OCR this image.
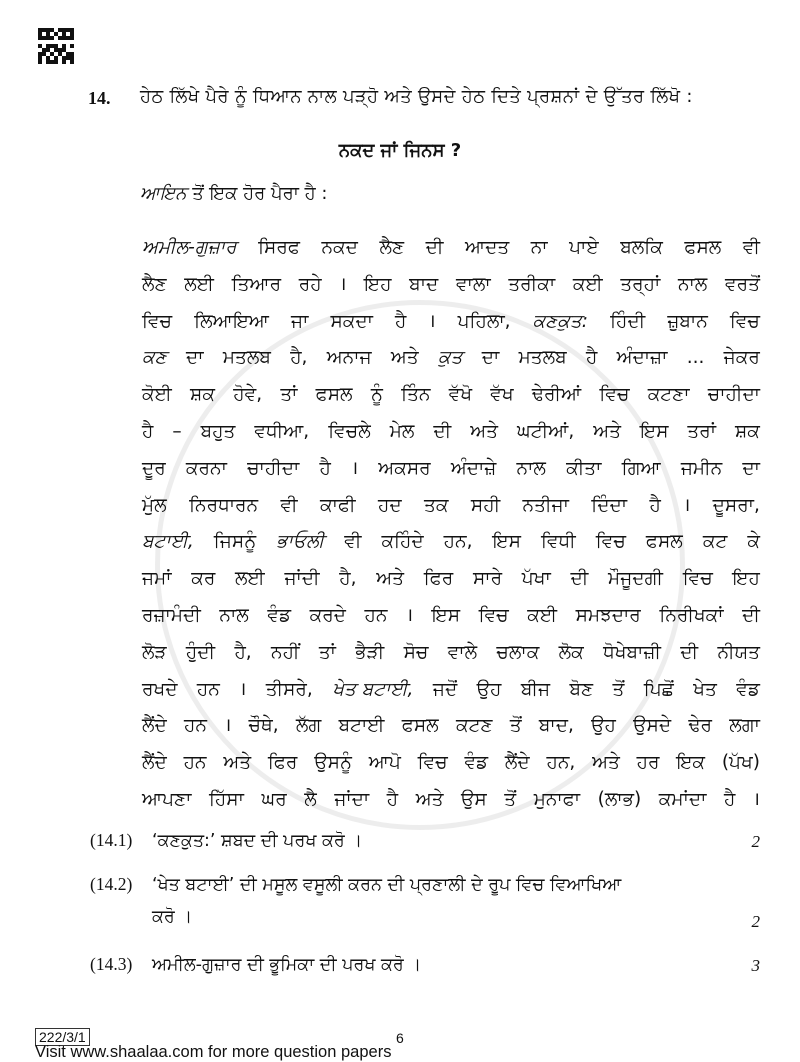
14. ਹੇਠ ਲਿੱਖੇ ਪੈਰੇ ਨੂੰ ਧਿਆਨ ਨਾਲ ਪੜ੍ਹੋ ਅਤੇ ਉਸਦੇ ਹੇਠ ਦਿਤੇ ਪ੍ਰਸ਼ਨਾਂ ਦੇ ਉੱਤਰ ਲਿੱਖੋ :
ਨਕਦ ਜਾਂ ਜਿਨਸ ?
ਆਇਨ ਤੋਂ ਇਕ ਹੋਰ ਪੈਰਾ ਹੈ :
ਅਮੀਲ-ਗੁਜ਼ਾਰ ਸਿਰਫ ਨਕਦ ਲੈਣ ਦੀ ਆਦਤ ਨਾ ਪਾਏ ਬਲਕਿ ਫਸਲ ਵੀ
ਲੈਣ ਲਈ ਤਿਆਰ ਰਹੇ । ਇਹ ਬਾਦ ਵਾਲਾ ਤਰੀਕਾ ਕਈ ਤਰ੍ਹਾਂ ਨਾਲ ਵਰਤੋਂ
ਵਿਚ ਲਿਆਇਆ ਜਾ ਸਕਦਾ ਹੈ । ਪਹਿਲਾ, ਕਣਕੁਤ: ਹਿੰਦੀ ਜ਼ੁਬਾਨ ਵਿਚ
ਕਣ ਦਾ ਮਤਲਬ ਹੈ, ਅਨਾਜ ਅਤੇ ਕੁਤ ਦਾ ਮਤਲਬ ਹੈ ਅੰਦਾਜ਼ਾ ... ਜੇਕਰ
ਕੋਈ ਸ਼ਕ ਹੋਵੇ, ਤਾਂ ਫਸਲ ਨੂੰ ਤਿੰਨ ਵੱਖੋ ਵੱਖ ਢੇਰੀਆਂ ਵਿਚ ਕਟਣਾ ਚਾਹੀਦਾ
ਹੈ – ਬਹੁਤ ਵਧੀਆ, ਵਿਚਲੇ ਮੇਲ ਦੀ ਅਤੇ ਘਟੀਆਂ, ਅਤੇ ਇਸ ਤਰਾਂ ਸ਼ਕ
ਦੂਰ ਕਰਨਾ ਚਾਹੀਦਾ ਹੈ । ਅਕਸਰ ਅੰਦਾਜ਼ੇ ਨਾਲ ਕੀਤਾ ਗਿਆ ਜਮੀਨ ਦਾ
ਮੁੱਲ ਨਿਰਧਾਰਨ ਵੀ ਕਾਫੀ ਹਦ ਤਕ ਸਹੀ ਨਤੀਜਾ ਦਿੰਦਾ ਹੈ । ਦੂਸਰਾ,
ਬਟਾਈ, ਜਿਸਨੂੰ ਭਾਓਲੀ ਵੀ ਕਹਿੰਦੇ ਹਨ, ਇਸ ਵਿਧੀ ਵਿਚ ਫਸਲ ਕਟ ਕੇ
ਜਮਾਂ ਕਰ ਲਈ ਜਾਂਦੀ ਹੈ, ਅਤੇ ਫਿਰ ਸਾਰੇ ਪੱਖਾ ਦੀ ਮੌਜੂਦਗੀ ਵਿਚ ਇਹ
ਰਜ਼ਾਮੰਦੀ ਨਾਲ ਵੰਡ ਕਰਦੇ ਹਨ । ਇਸ ਵਿਚ ਕਈ ਸਮਝਦਾਰ ਨਿਰੀਖਕਾਂ ਦੀ
ਲੋੜ ਹੁੰਦੀ ਹੈ, ਨਹੀਂ ਤਾਂ ਭੈੜੀ ਸੋਚ ਵਾਲੇ ਚਲਾਕ ਲੋਕ ਧੋਖੇਬਾਜ਼ੀ ਦੀ ਨੀਯਤ
ਰਖਦੇ ਹਨ । ਤੀਸਰੇ, ਖੇਤ ਬਟਾਈ, ਜਦੋਂ ਉਹ ਬੀਜ ਬੋਣ ਤੋਂ ਪਿਛੋਂ ਖੇਤ ਵੰਡ
ਲੈਂਦੇ ਹਨ । ਚੌਥੇ, ਲੱਗ ਬਟਾਈ ਫਸਲ ਕਟਣ ਤੋਂ ਬਾਦ, ਉਹ ਉਸਦੇ ਢੇਰ ਲਗਾ
ਲੈਂਦੇ ਹਨ ਅਤੇ ਫਿਰ ਉਸਨੂੰ ਆਪੋ ਵਿਚ ਵੰਡ ਲੈਂਦੇ ਹਨ, ਅਤੇ ਹਰ ਇਕ (ਪੱਖ)
ਆਪਣਾ ਹਿੱਸਾ ਘਰ ਲੈ ਜਾਂਦਾ ਹੈ ਅਤੇ ਉਸ ਤੋਂ ਮੁਨਾਫਾ (ਲਾਭ) ਕਮਾਂਦਾ ਹੈ ।
(14.1) ‘ਕਣਕੁਤ:’ ਸ਼ਬਦ ਦੀ ਪਰਖ ਕਰੋ ।	2
(14.2) ‘ਖੇਤ ਬਟਾਈ’ ਦੀ ਮਸੂਲ ਵਸੂਲੀ ਕਰਨ ਦੀ ਪ੍ਰਣਾਲੀ ਦੇ ਰੂਪ ਵਿਚ ਵਿਆਖਿਆ
ਕਰੋ ।	2
(14.3) ਅਮੀਲ-ਗੁਜ਼ਾਰ ਦੀ ਭੂਮਿਕਾ ਦੀ ਪਰਖ ਕਰੋ ।	3
222/3/1	6
Visit www.shaalaa.com for more question papers
